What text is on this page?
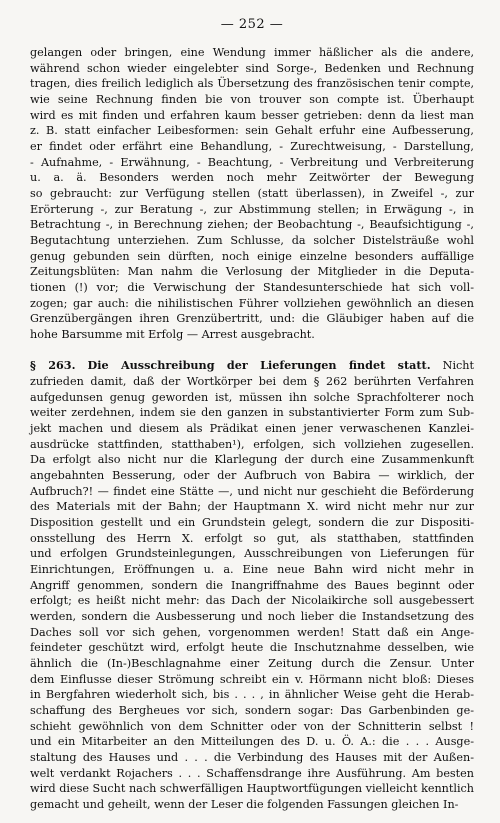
— 252 —
gelangen oder bringen, eine Wendung immer häßlicher als die andere,
während schon wieder eingelebter sind Sorge-, Bedenken und Rechnung
tragen, dies freilich lediglich als Übersetzung des französischen tenir compte,
wie seine Rechnung finden bie von trouver son compte ist. Überhaupt
wird es mit finden und erfahren kaum besser getrieben: denn da liest man
z. B. statt einfacher Leibesformen: sein Gehalt erfuhr eine Aufbesserung,
er findet oder erfährt eine Behandlung, - Zurechtweisung, - Darstellung,
- Aufnahme, - Erwähnung, - Beachtung, - Verbreitung und Verbreiterung
u. a. ä. Besonders werden noch mehr Zeitwörter der Bewegung
so gebraucht: zur Verfügung stellen (statt überlassen), in Zweifel -, zur
Erörterung -, zur Beratung -, zur Abstimmung stellen; in Erwägung -, in
Betrachtung -, in Berechnung ziehen; der Beobachtung -, Beaufsichtigung -,
Begutachtung unterziehen. Zum Schlusse, da solcher Distelsträuße wohl
genug gebunden sein dürften, noch einige einzelne besonders auffällige
Zeitungsblüten: Man nahm die Verlosung der Mitglieder in die Deputa-
tionen (!) vor; die Verwischung der Standesunterschiede hat sich voll-
zogen; gar auch: die nihilistischen Führer vollziehen gewöhnlich an diesen
Grenzübergängen ihren Grenzübertritt, und: die Gläubiger haben auf die
hohe Barsumme mit Erfolg — Arrest ausgebracht.
§ 263. Die Ausschreibung der Lieferungen findet statt. Nicht
zufrieden damit, daß der Wortkörper bei dem § 262 berührten Verfahren
aufgedunsen genug geworden ist, müssen ihn solche Sprachfolterer noch
weiter zerdehnen, indem sie den ganzen in substantivierter Form zum Sub-
jekt machen und diesem als Prädikat einen jener verwaschenen Kanzlei-
ausdrücke stattfinden, statthaben¹), erfolgen, sich vollziehen zugesellen.
Da erfolgt also nicht nur die Klarlegung der durch eine Zusammenkunft
angebahnten Besserung, oder der Aufbruch von Babira — wirklich, der
Aufbruch?! — findet eine Stätte —, und nicht nur geschieht die Beförderung
des Materials mit der Bahn; der Hauptmann X. wird nicht mehr nur zur
Disposition gestellt und ein Grundstein gelegt, sondern die zur Dispositi-
onsstellung des Herrn X. erfolgt so gut, als statthaben, stattfinden
und erfolgen Grundsteinlegungen, Ausschreibungen von Lieferungen für
Einrichtungen, Eröffnungen u. a. Eine neue Bahn wird nicht mehr in
Angriff genommen, sondern die Inangriffnahme des Baues beginnt oder
erfolgt; es heißt nicht mehr: das Dach der Nicolaikirche soll ausgebessert
werden, sondern die Ausbesserung und noch lieber die Instandsetzung des
Daches soll vor sich gehen, vorgenommen werden! Statt daß ein Ange-
feindeter geschützt wird, erfolgt heute die Inschutznahme desselben, wie
ähnlich die (In-)Beschlagnahme einer Zeitung durch die Zensur. Unter
dem Einflusse dieser Strömung schreibt ein v. Hörmann nicht bloß: Dieses
in Bergfahren wiederholt sich, bis . . . , in ähnlicher Weise geht die Herab-
schaffung des Bergheues vor sich, sondern sogar: Das Garbenbinden ge-
schieht gewöhnlich von dem Schnitter oder von der Schnitterin selbst !
und ein Mitarbeiter an den Mitteilungen des D. u. Ö. A.: die . . . Ausge-
staltung des Hauses und . . . die Verbindung des Hauses mit der Außen-
welt verdankt Rojachers . . . Schaffensdrange ihre Ausführung. Am besten
wird diese Sucht nach schwerfälligen Hauptwortfügungen vielleicht kenntlich
gemacht und geheilt, wenn der Leser die folgenden Fassungen gleichen In-
